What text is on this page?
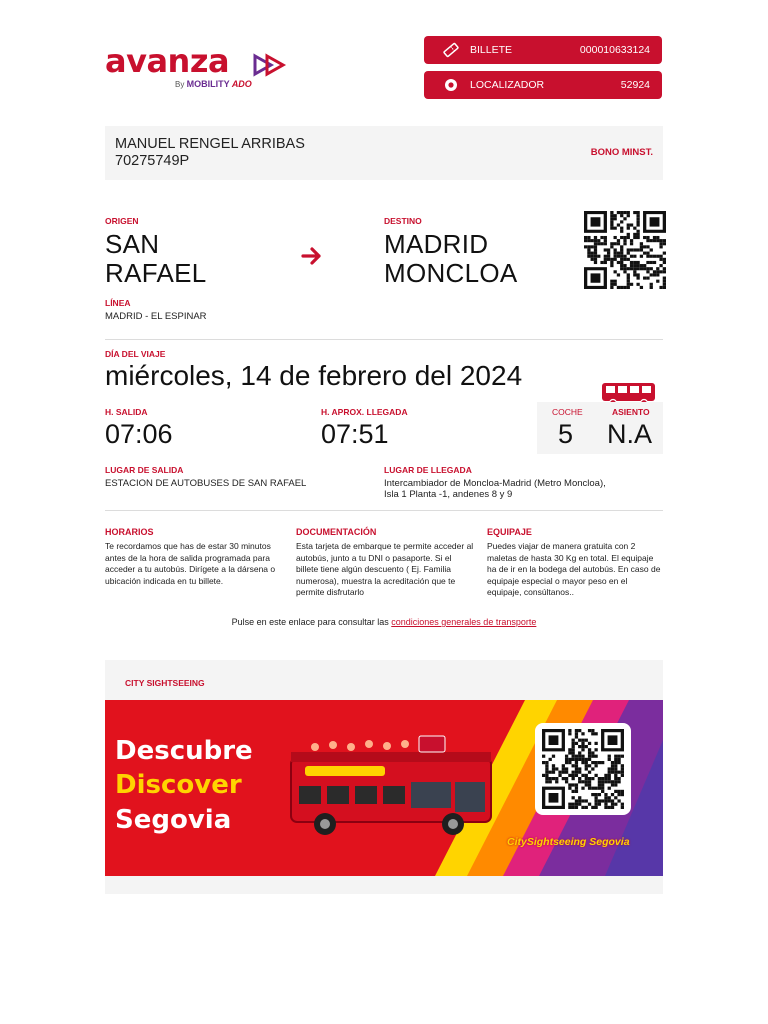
avanza
By MOBILITY ADO
BILLETE	000010633124
LOCALIZADOR	52924
MANUEL RENGEL ARRIBAS
70275749P
BONO MINST.
ORIGEN
SAN
RAFAEL
DESTINO
MADRID
MONCLOA
LÍNEA
MADRID - EL ESPINAR
DÍA DEL VIAJE
miércoles, 14 de febrero del 2024
H. SALIDA
07:06
H. APROX. LLEGADA
07:51
COCHE
5
ASIENTO
N.A
LUGAR DE SALIDA
ESTACION DE AUTOBUSES DE SAN RAFAEL
LUGAR DE LLEGADA
Intercambiador de Moncloa-Madrid (Metro Moncloa),
Isla 1 Planta -1, andenes 8 y 9
HORARIOS
Te recordamos que has de estar 30 minutos antes de la hora de salida programada para acceder a tu autobús. Dirígete a la dársena o ubicación indicada en tu billete.
DOCUMENTACIÓN
Esta tarjeta de embarque te permite acceder al autobús, junto a tu DNI o pasaporte. Si el billete tiene algún descuento ( Ej. Familia numerosa), muestra la acreditación que te permite disfrutarlo
EQUIPAJE
Puedes viajar de manera gratuita con 2 maletas de hasta 30 Kg en total. El equipaje ha de ir en la bodega del autobús. En caso de equipaje especial o mayor peso en el equipaje, consúltanos..
Pulse en este enlace para consultar las condiciones generales de transporte
CITY SIGHTSEEING
Descubre
Discover
Segovia
CitySightseeing Segovia
